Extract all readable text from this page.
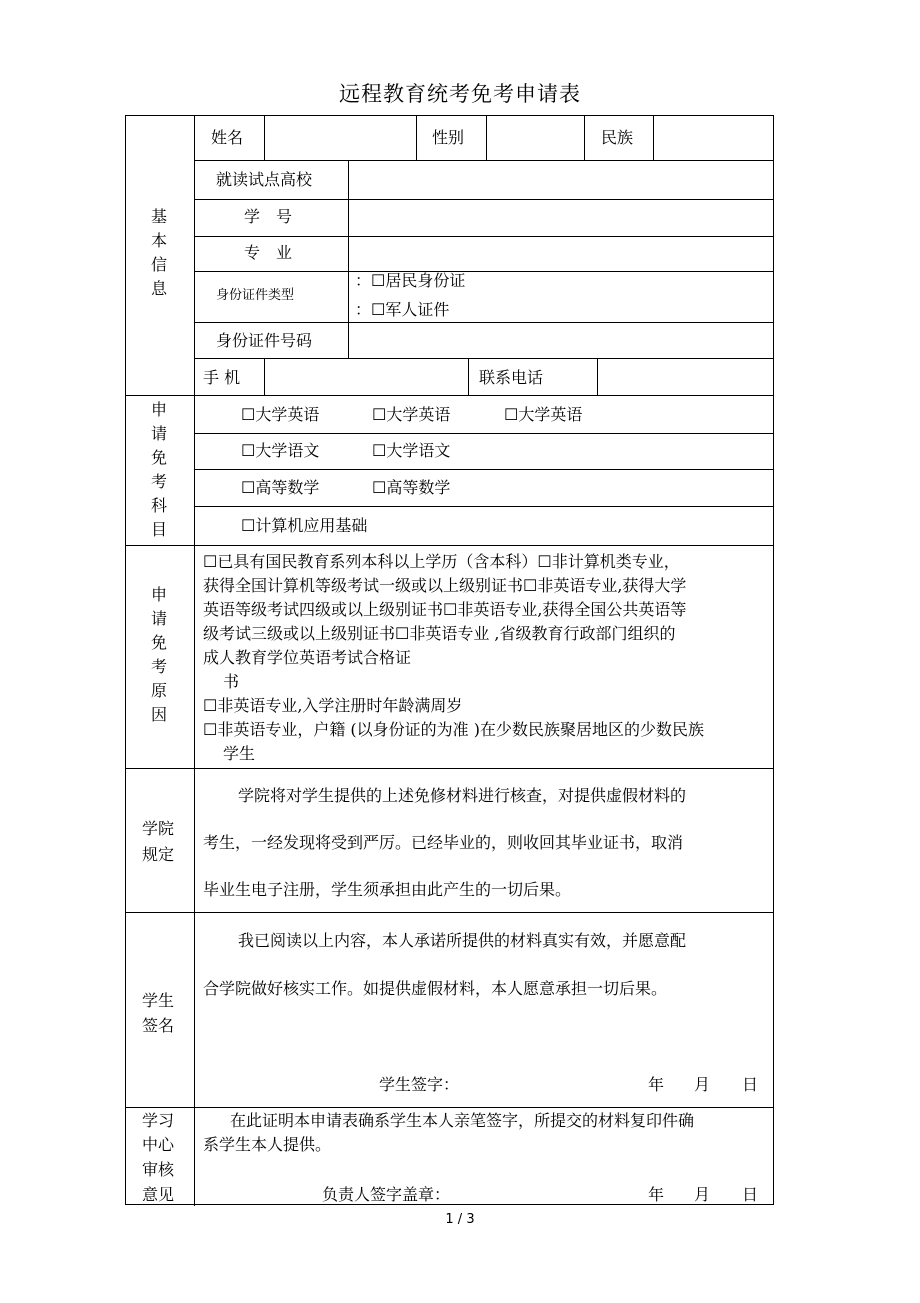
远程教育统考免考申请表
基
本
信
息
姓名	性别	民族
就读试点高校
学　号
专　业
身份证件类型
：☐居民身份证
：☐军人证件
身份证件号码
手 机	联系电话
申
请
免
考
科
目
☐大学英语	☐大学英语	☐大学英语
☐大学语文	☐大学语文
☐高等数学	☐高等数学
☐计算机应用基础
申
请
免
考
原
因
☐已具有国民教育系列本科以上学历（含本科）☐非计算机类专业，
获得全国计算机等级考试一级或以上级别证书☐非英语专业,获得大学
英语等级考试四级或以上级别证书☐非英语专业,获得全国公共英语等
级考试三级或以上级别证书☐非英语专业 ,省级教育行政部门组织的
成人教育学位英语考试合格证
书
☐非英语专业,入学注册时年龄满周岁
☐非英语专业，户籍 (以身份证的为准 )在少数民族聚居地区的少数民族
学生
学院
规定
学院将对学生提供的上述免修材料进行核查，对提供虚假材料的
考生，一经发现将受到严厉。已经毕业的，则收回其毕业证书，取消
毕业生电子注册，学生须承担由此产生的一切后果。
学生
签名
我已阅读以上内容，本人承诺所提供的材料真实有效，并愿意配
合学院做好核实工作。如提供虚假材料，本人愿意承担一切后果。
学生签字：	年 月 日
学习
中心
审核
意见
在此证明本申请表确系学生本人亲笔签字，所提交的材料复印件确
系学生本人提供。
负责人签字盖章：	年 月 日
1 / 3
